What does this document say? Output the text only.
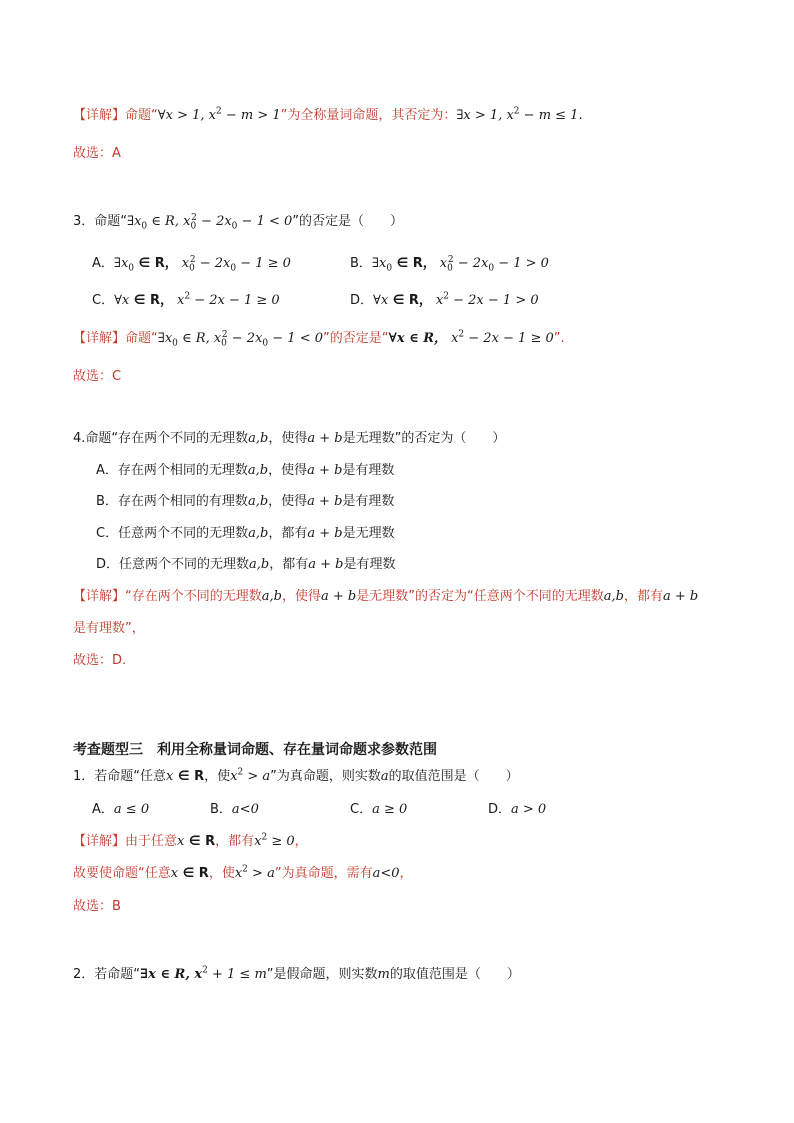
【详解】命题“∀x > 1, $x^2 - m > 1$”为全称量词命题，其否定为：∃x > 1, $x^2 - m \le 1$.
故选：A
3．命题“$\exists x_0$ ∈ R, $x_0^2 - 2x_0 - 1 < 0$”的否定是（　　）
A．$\exists x_0$ ∈ R， $x_0^2 - 2x_0 - 1 \ge 0$	B．$\exists x_0$ ∈ R， $x_0^2 - 2x_0 - 1 > 0$
C．∀x ∈ R， $x^2 - 2x - 1 \ge 0$	D．∀x ∈ R， $x^2 - 2x - 1 > 0$
【详解】命题“$\exists x_0$ ∈ R, $x_0^2 - 2x_0 - 1 < 0$”的否定是“∀x ∈ R， $x^2 - 2x - 1 \ge 0$”.
故选：C
4.命题“存在两个不同的无理数a,b，使得a + b是无理数”的否定为（　　）
A．存在两个相同的无理数a,b，使得a + b是有理数
B．存在两个相同的有理数a,b，使得a + b是有理数
C．任意两个不同的无理数a,b，都有a + b是无理数
D．任意两个不同的无理数a,b，都有a + b是有理数
【详解】“存在两个不同的无理数a,b，使得a + b是无理数”的否定为“任意两个不同的无理数a,b，都有a + b
是有理数”，
故选：D.
考查题型三　利用全称量词命题、存在量词命题求参数范围
1．若命题“任意x ∈ R，使$x^2 > a$”为真命题，则实数a的取值范围是（　　）
A．a ≤ 0	B．a<0	C．a ≥ 0	D．a > 0
【详解】由于任意x ∈ R，都有$x^2 \ge 0$，
故要使命题“任意x ∈ R，使$x^2 > a$”为真命题，需有a<0，
故选：B
2．若命题“∃x ∈ R, $x^2 + 1 \le m$”是假命题，则实数m的取值范围是（　　）
